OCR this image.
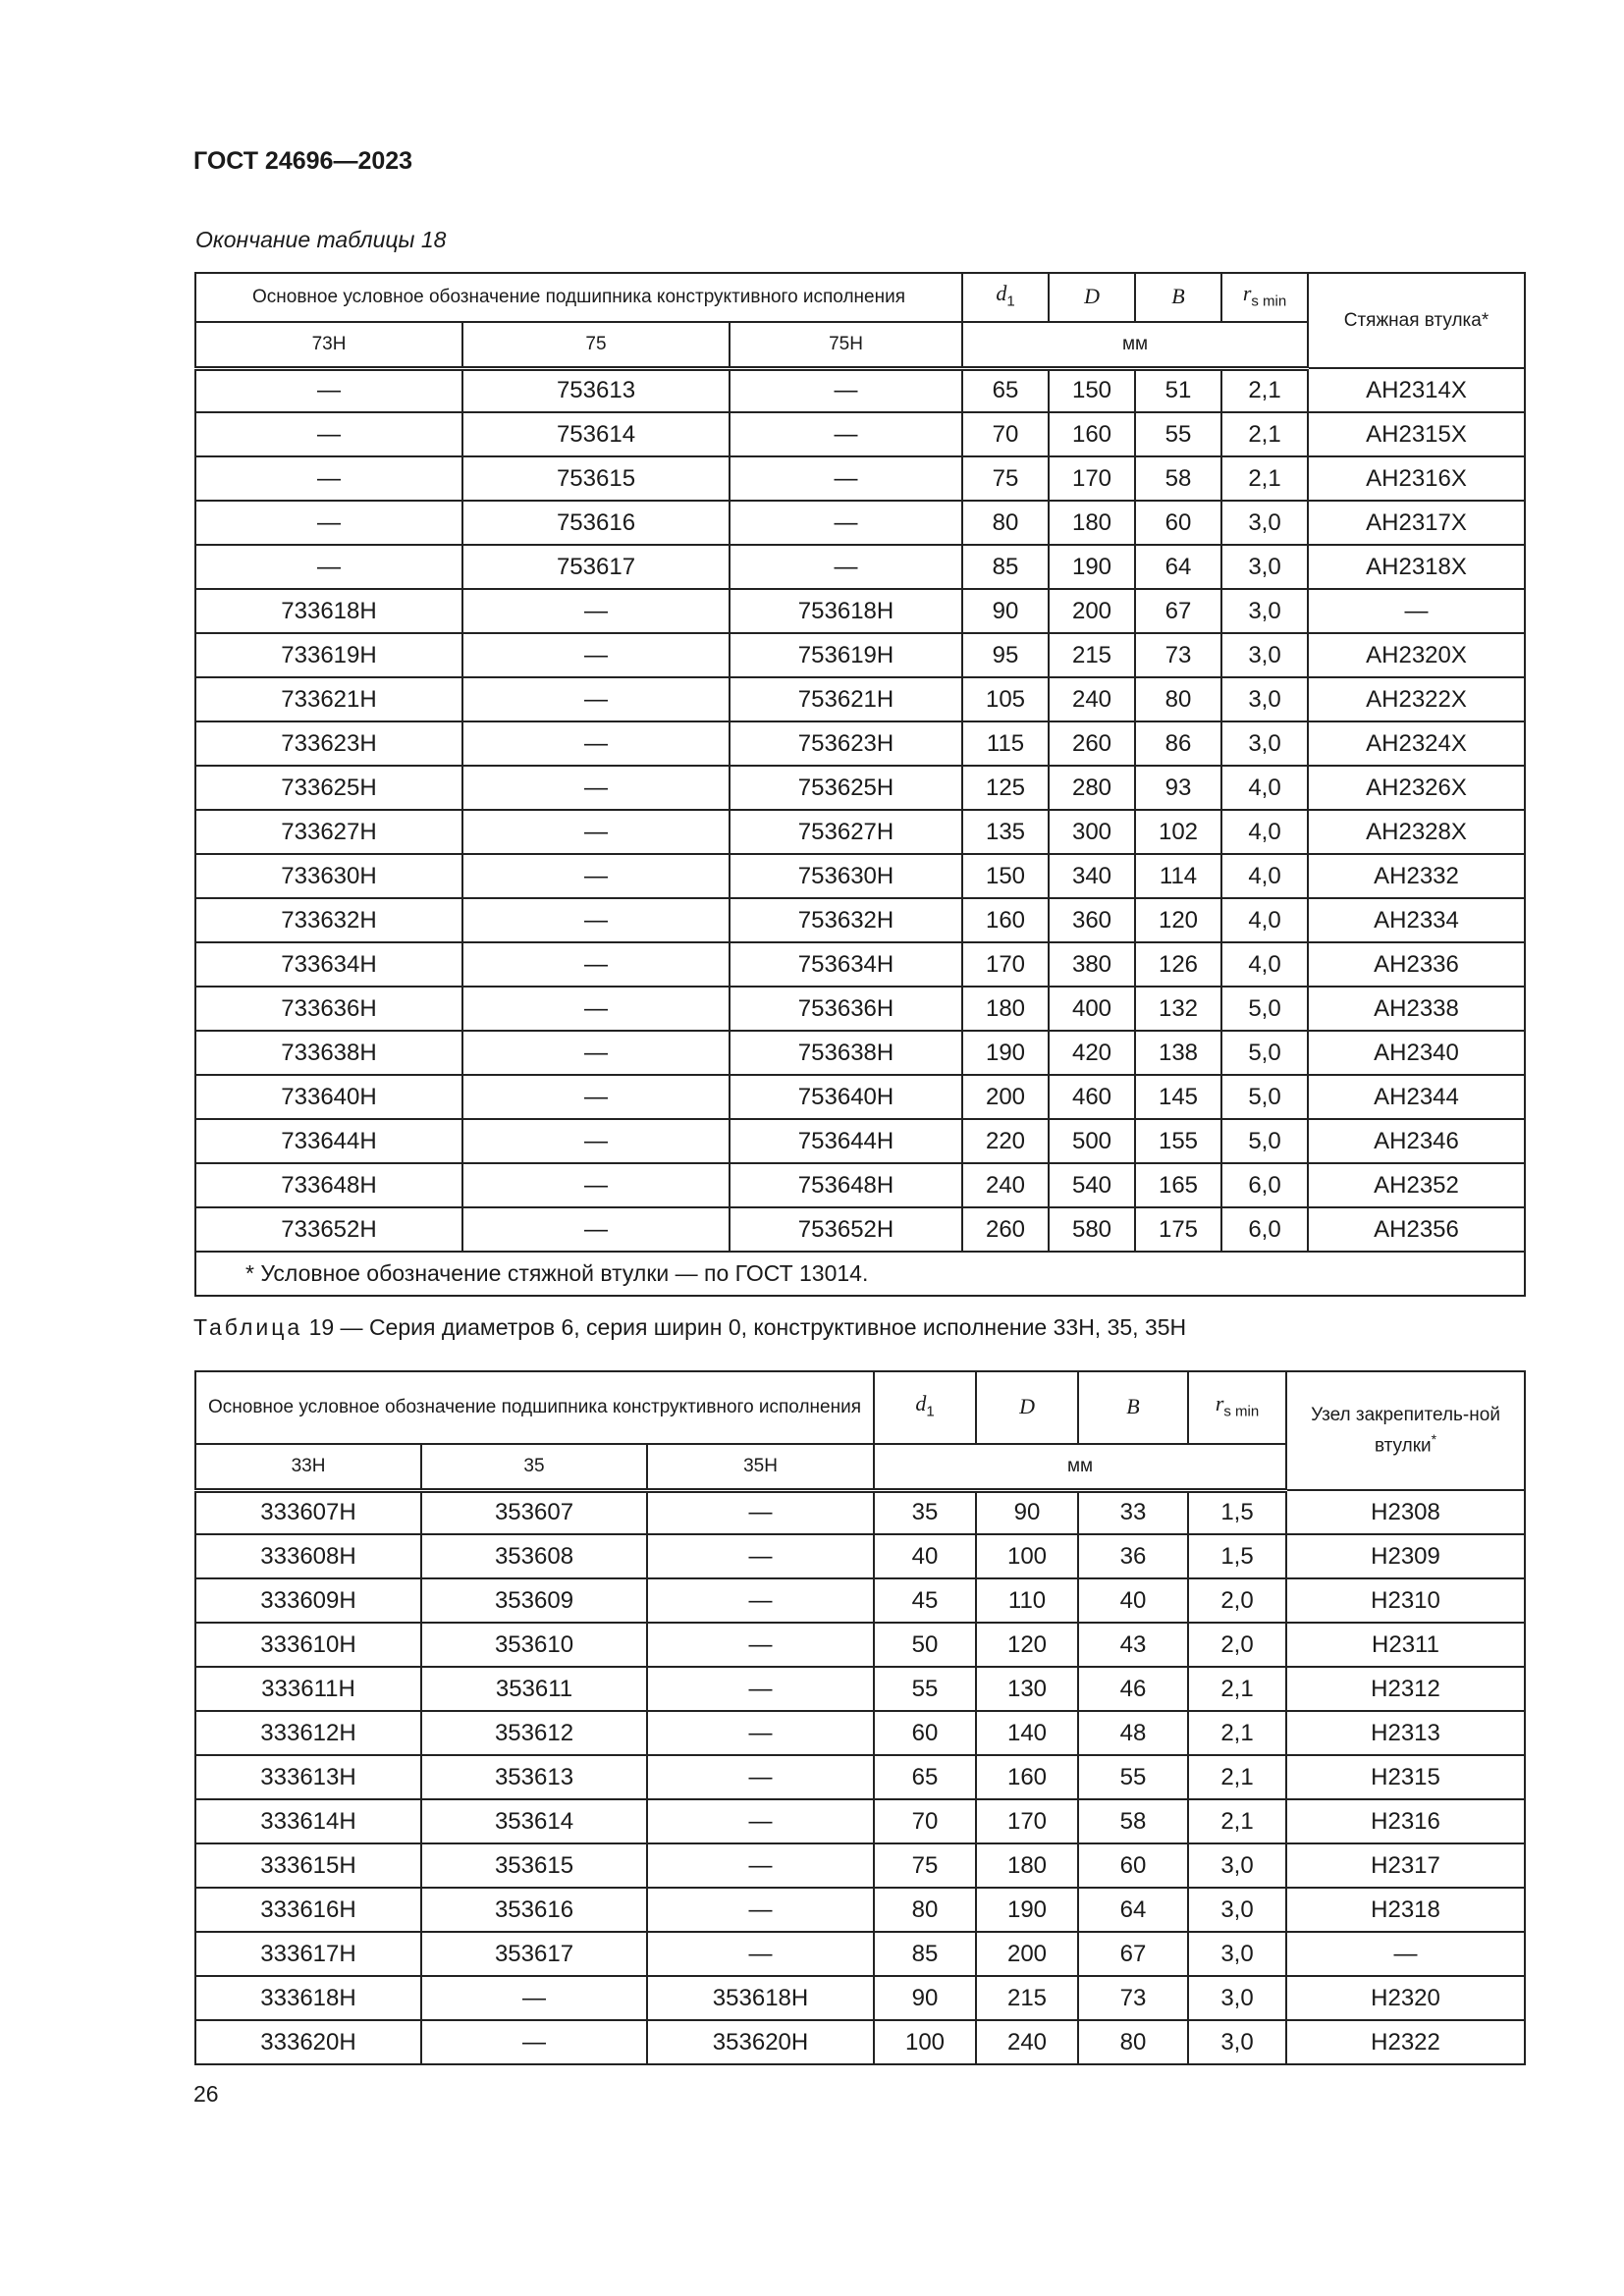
ГОСТ 24696—2023
Окончание таблицы 18
Основное условное обозначение подшипника конструктивного исполнения			$d_1$	D	B	$r_{s min}$	Стяжная втулка*
73Н	75	75Н	мм				
—	753613	—	65	150	51	2,1	АН2314Х
—	753614	—	70	160	55	2,1	АН2315Х
—	753615	—	75	170	58	2,1	АН2316Х
—	753616	—	80	180	60	3,0	АН2317Х
—	753617	—	85	190	64	3,0	АН2318Х
733618Н	—	753618Н	90	200	67	3,0	—
733619Н	—	753619Н	95	215	73	3,0	АН2320Х
733621Н	—	753621Н	105	240	80	3,0	АН2322Х
733623Н	—	753623Н	115	260	86	3,0	АН2324Х
733625Н	—	753625Н	125	280	93	4,0	АН2326Х
733627Н	—	753627Н	135	300	102	4,0	АН2328Х
733630Н	—	753630Н	150	340	114	4,0	АН2332
733632Н	—	753632Н	160	360	120	4,0	АН2334
733634Н	—	753634Н	170	380	126	4,0	АН2336
733636Н	—	753636Н	180	400	132	5,0	АН2338
733638Н	—	753638Н	190	420	138	5,0	АН2340
733640Н	—	753640Н	200	460	145	5,0	АН2344
733644Н	—	753644Н	220	500	155	5,0	АН2346
733648Н	—	753648Н	240	540	165	6,0	АН2352
733652Н	—	753652Н	260	580	175	6,0	АН2356
* Условное обозначение стяжной втулки — по ГОСТ 13014.							
Таблица 19 — Серия диаметров 6, серия ширин 0, конструктивное исполнение 33Н, 35, 35Н
Основное условное обозначение подшипника конструктивного исполнения			$d_1$	D	B	$r_{s min}$	Узел закрепитель-ной втулки*
33Н	35	35Н	мм				
333607Н	353607	—	35	90	33	1,5	Н2308
333608Н	353608	—	40	100	36	1,5	Н2309
333609Н	353609	—	45	110	40	2,0	Н2310
333610Н	353610	—	50	120	43	2,0	Н2311
333611Н	353611	—	55	130	46	2,1	Н2312
333612Н	353612	—	60	140	48	2,1	Н2313
333613Н	353613	—	65	160	55	2,1	Н2315
333614Н	353614	—	70	170	58	2,1	Н2316
333615Н	353615	—	75	180	60	3,0	Н2317
333616Н	353616	—	80	190	64	3,0	Н2318
333617Н	353617	—	85	200	67	3,0	—
333618Н	—	353618Н	90	215	73	3,0	Н2320
333620Н	—	353620Н	100	240	80	3,0	Н2322
26
